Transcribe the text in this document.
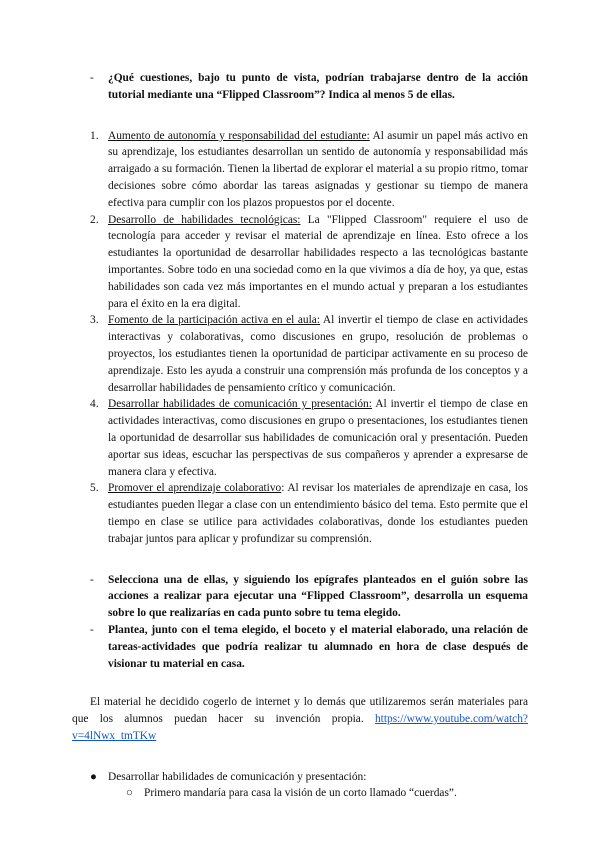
- ¿Qué cuestiones, bajo tu punto de vista, podrían trabajarse dentro de la acción tutorial mediante una “Flipped Classroom”? Indica al menos 5 de ellas.
1. Aumento de autonomía y responsabilidad del estudiante: Al asumir un papel más activo en su aprendizaje, los estudiantes desarrollan un sentido de autonomía y responsabilidad más arraigado a su formación. Tienen la libertad de explorar el material a su propio ritmo, tomar decisiones sobre cómo abordar las tareas asignadas y gestionar su tiempo de manera efectiva para cumplir con los plazos propuestos por el docente.
2. Desarrollo de habilidades tecnológicas: La "Flipped Classroom" requiere el uso de tecnología para acceder y revisar el material de aprendizaje en línea. Esto ofrece a los estudiantes la oportunidad de desarrollar habilidades respecto a las tecnológicas bastante importantes. Sobre todo en una sociedad como en la que vivimos a día de hoy, ya que, estas habilidades son cada vez más importantes en el mundo actual y preparan a los estudiantes para el éxito en la era digital.
3. Fomento de la participación activa en el aula: Al invertir el tiempo de clase en actividades interactivas y colaborativas, como discusiones en grupo, resolución de problemas o proyectos, los estudiantes tienen la oportunidad de participar activamente en su proceso de aprendizaje. Esto les ayuda a construir una comprensión más profunda de los conceptos y a desarrollar habilidades de pensamiento crítico y comunicación.
4. Desarrollar habilidades de comunicación y presentación: Al invertir el tiempo de clase en actividades interactivas, como discusiones en grupo o presentaciones, los estudiantes tienen la oportunidad de desarrollar sus habilidades de comunicación oral y presentación. Pueden aportar sus ideas, escuchar las perspectivas de sus compañeros y aprender a expresarse de manera clara y efectiva.
5. Promover el aprendizaje colaborativo: Al revisar los materiales de aprendizaje en casa, los estudiantes pueden llegar a clase con un entendimiento básico del tema. Esto permite que el tiempo en clase se utilice para actividades colaborativas, donde los estudiantes pueden trabajar juntos para aplicar y profundizar su comprensión.
- Selecciona una de ellas, y siguiendo los epígrafes planteados en el guión sobre las acciones a realizar para ejecutar una “Flipped Classroom”, desarrolla un esquema sobre lo que realizarías en cada punto sobre tu tema elegido.
- Plantea, junto con el tema elegido, el boceto y el material elaborado, una relación de tareas-actividades que podría realizar tu alumnado en hora de clase después de visionar tu material en casa.
El material he decidido cogerlo de internet y lo demás que utilizaremos serán materiales para que los alumnos puedan hacer su invención propia. https://www.youtube.com/watch?v=4lNwx_tmTKw
● Desarrollar habilidades de comunicación y presentación:
○ Primero mandaría para casa la visión de un corto llamado “cuerdas”.
